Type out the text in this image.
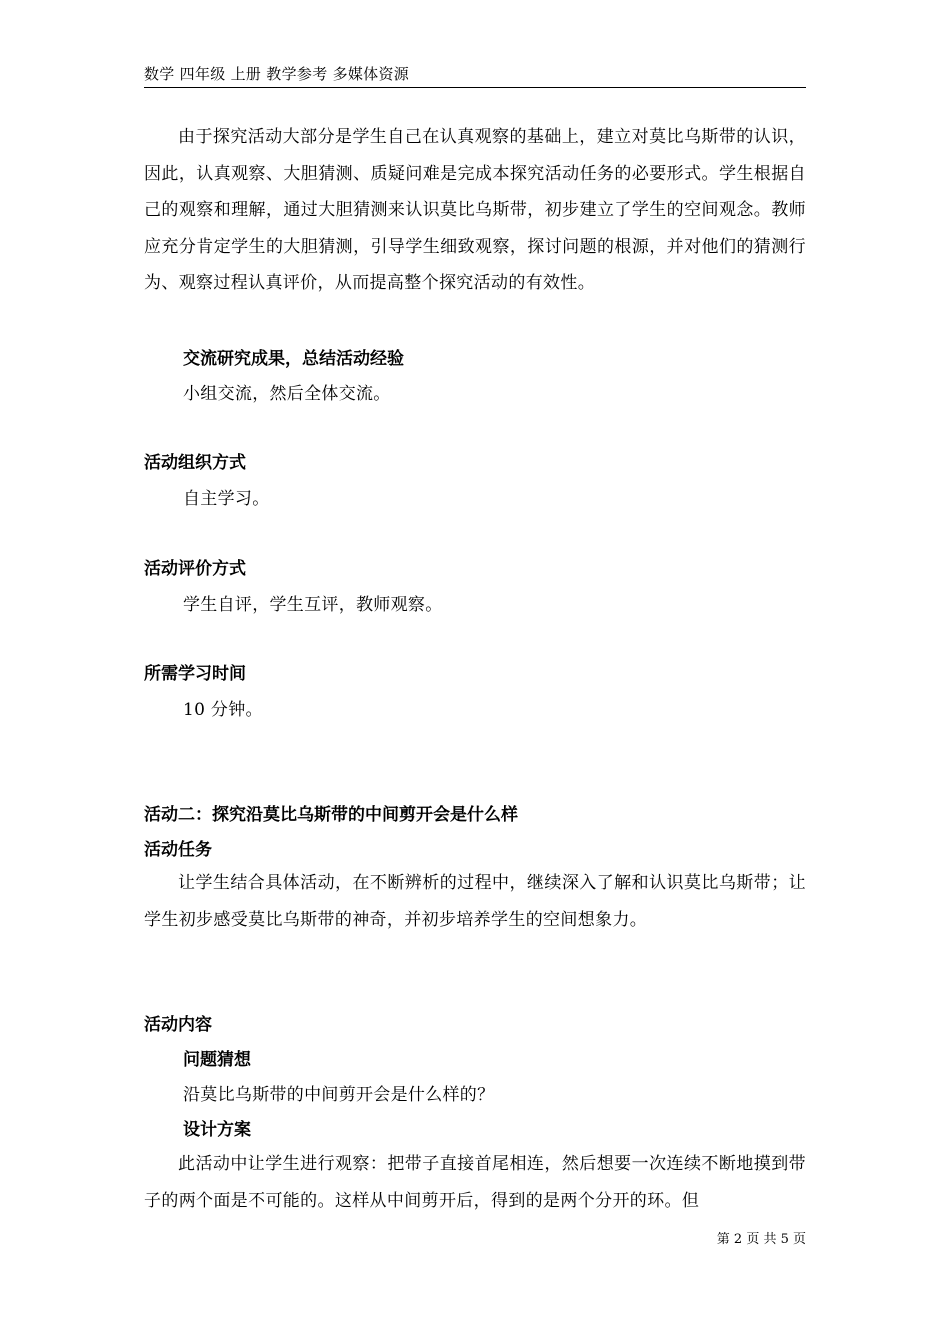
数学 四年级 上册 教学参考 多媒体资源
由于探究活动大部分是学生自己在认真观察的基础上，建立对莫比乌斯带的认识，因此，认真观察、大胆猜测、质疑问难是完成本探究活动任务的必要形式。学生根据自己的观察和理解，通过大胆猜测来认识莫比乌斯带，初步建立了学生的空间观念。教师应充分肯定学生的大胆猜测，引导学生细致观察，探讨问题的根源，并对他们的猜测行为、观察过程认真评价，从而提高整个探究活动的有效性。
交流研究成果，总结活动经验
小组交流，然后全体交流。
活动组织方式
自主学习。
活动评价方式
学生自评，学生互评，教师观察。
所需学习时间
10 分钟。
活动二：探究沿莫比乌斯带的中间剪开会是什么样
活动任务
让学生结合具体活动，在不断辨析的过程中，继续深入了解和认识莫比乌斯带；让学生初步感受莫比乌斯带的神奇，并初步培养学生的空间想象力。
活动内容
问题猜想
沿莫比乌斯带的中间剪开会是什么样的？
设计方案
此活动中让学生进行观察：把带子直接首尾相连，然后想要一次连续不断地摸到带子的两个面是不可能的。这样从中间剪开后，得到的是两个分开的环。但
第 2 页 共 5 页
